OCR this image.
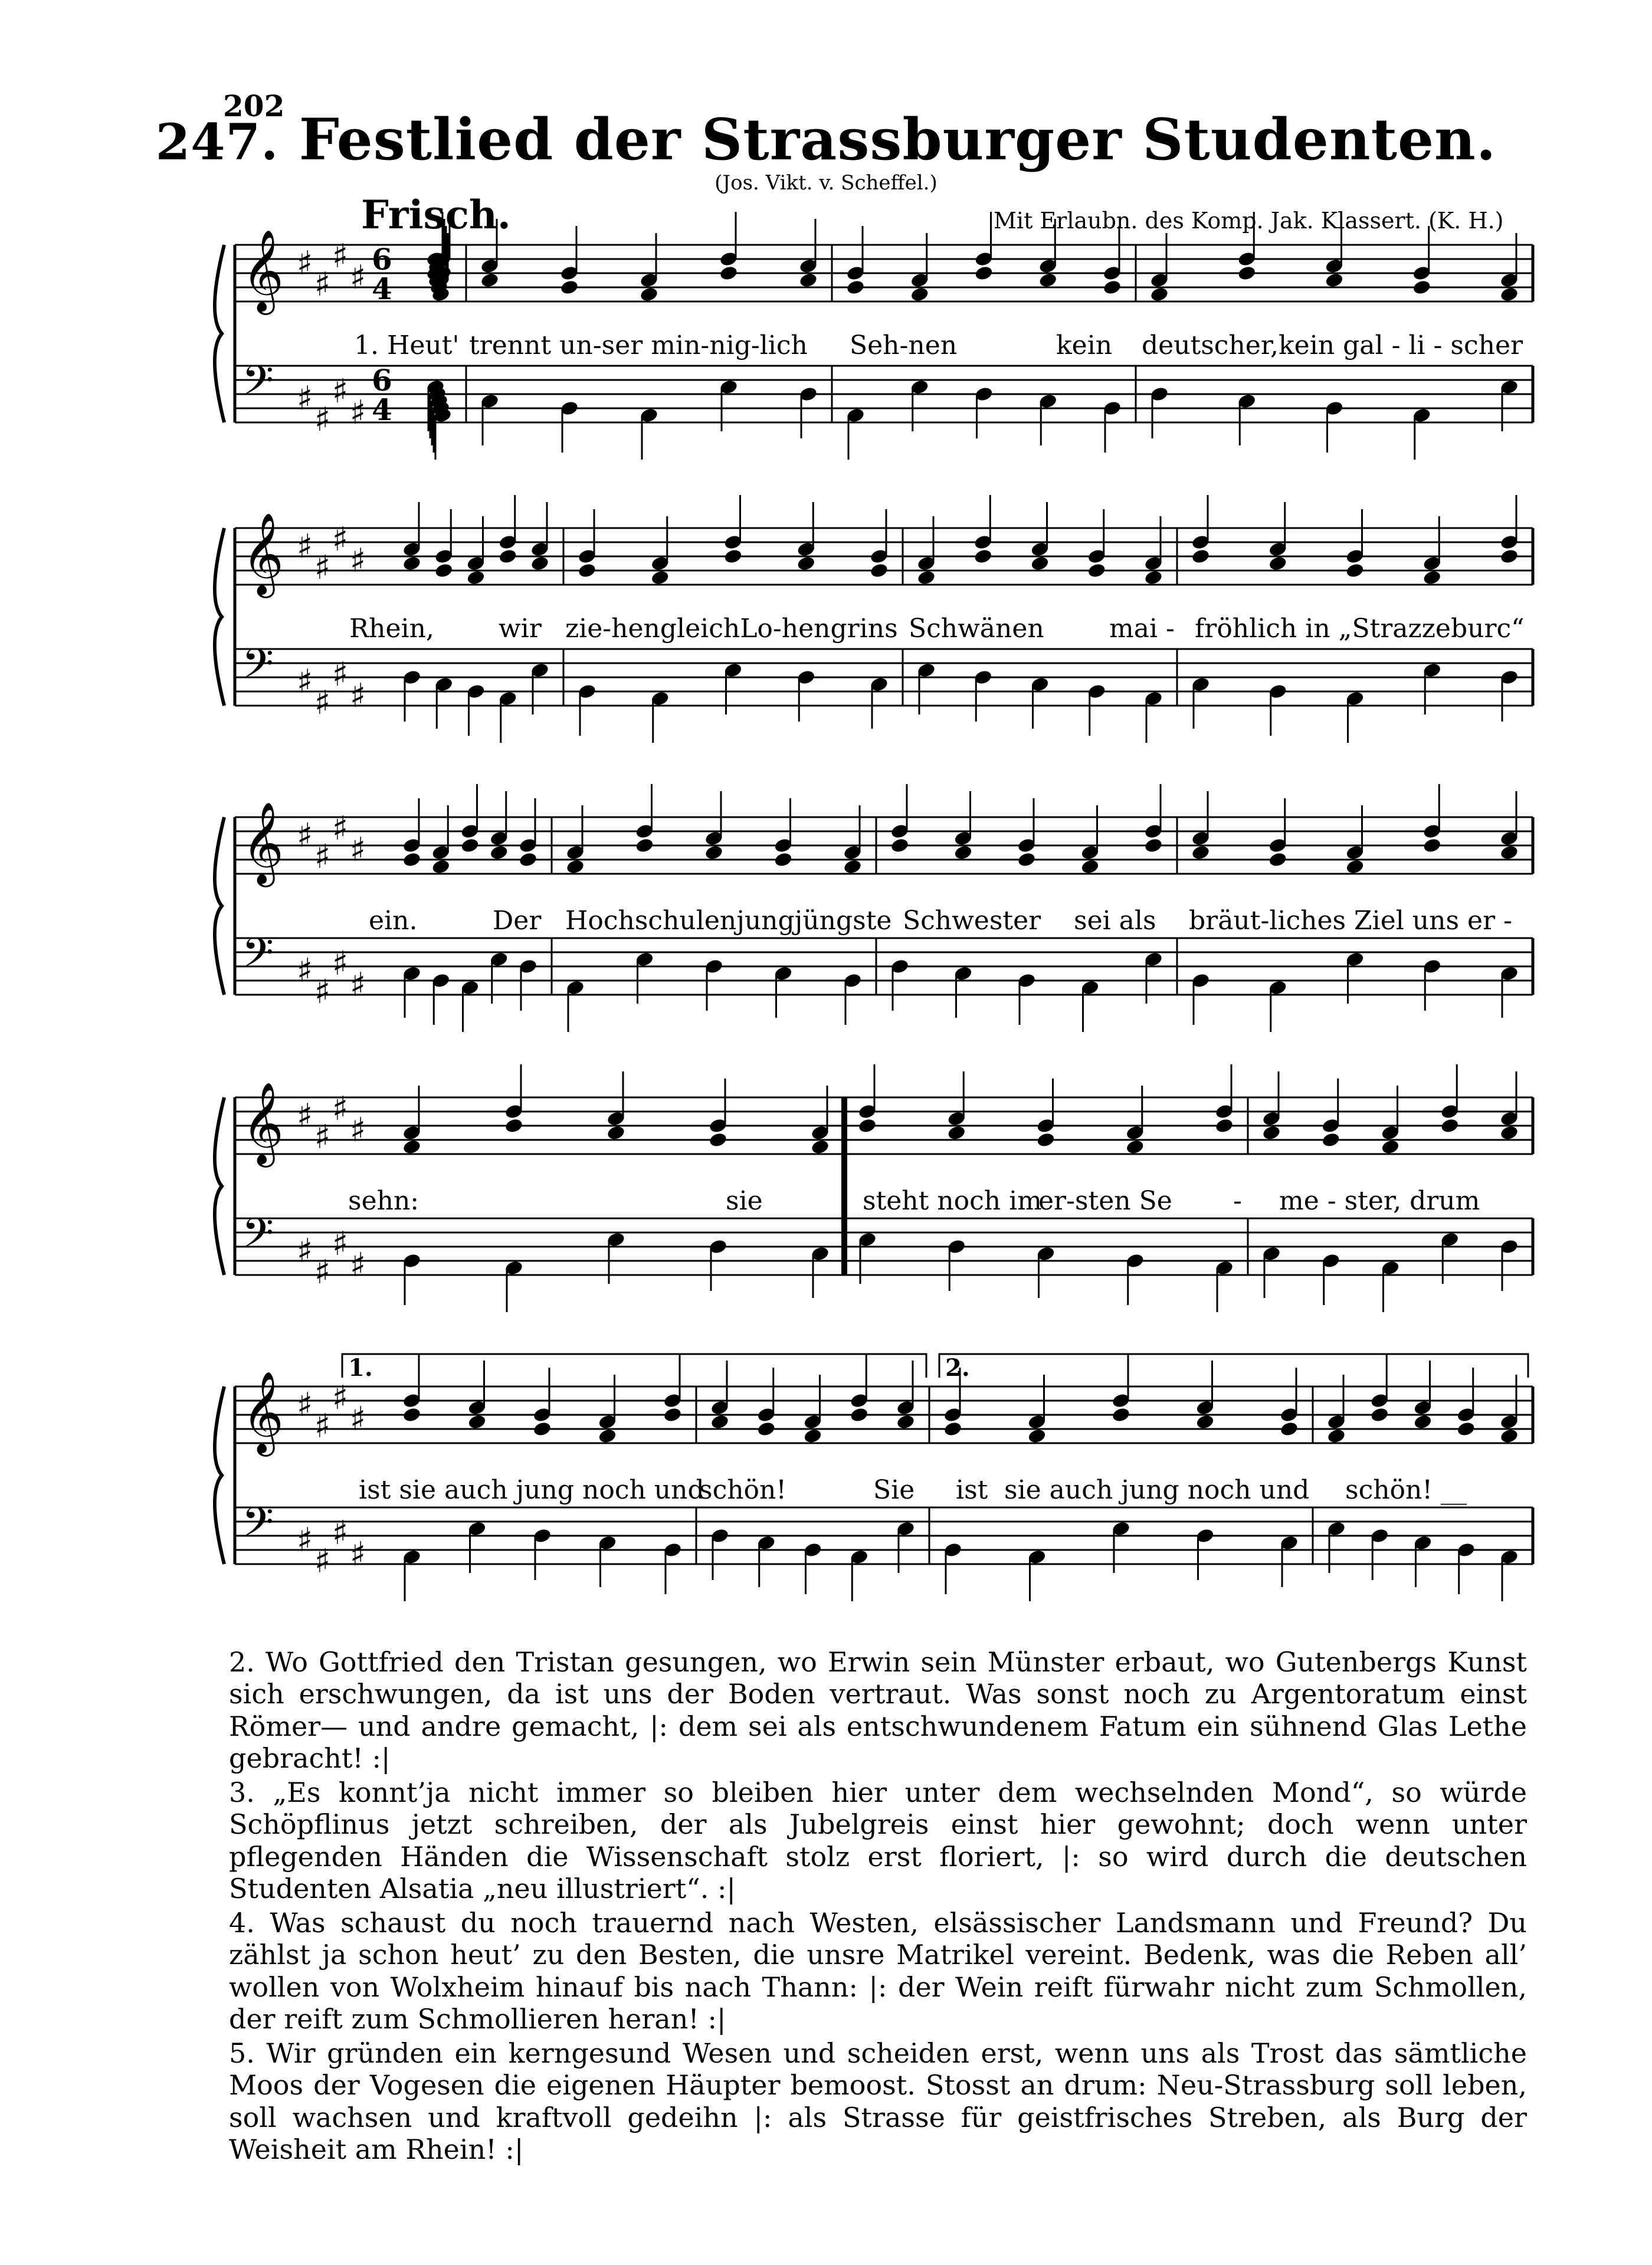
202
247. Festlied der Strassburger Studenten.
(Jos. Vikt. v. Scheffel.)
Frisch.	Mit Erlaubn. des Komp. Jak. Klassert. (K. H.)
𝄞 ♯
♯
♯
♯ 6
4
𝄢 ♯
♯
♯
♯
6
4
𝄞 ♯
♯
♯
♯
𝄢 ♯
♯
♯
♯
𝄞 ♯
♯
♯
♯
𝄢 ♯
♯
♯
♯
𝄞 ♯
♯
♯
♯
𝄢 ♯
♯
♯
♯
𝄞 ♯
♯
♯
♯
𝄢 ♯
♯
♯
♯
1.	2.
1. Heut' trennt un-ser min-nig-lich Seh-nen	kein deutscher,kein gal - li - scher
Rhein, wir zie-hengleichLo-hengrins Schwänen	mai - fröhlich in „Strazzeburc“
ein.	Der Hochschulenjungjüngste Schwester sei als bräut-liches Ziel uns er -
sehn:	sie	steht noch im
er-sten Se - me - ster, drum
ist sie auch jung noch und
schön!	Sie ist sie auch jung noch und schön! __

2. Wo Gottfried den Tristan gesungen, wo Erwin sein Münster erbaut, wo Gutenbergs Kunst sich erschwungen, da ist uns der Boden vertraut. Was sonst noch zu Argentoratum einst Römer— und andre gemacht, |: dem sei als entschwundenem Fatum ein sühnend Glas Lethe gebracht! :|

3. „Es konnt’ja nicht immer so bleiben hier unter dem wechselnden Mond“, so würde Schöpflinus jetzt schreiben, der als Jubelgreis einst hier gewohnt; doch wenn unter pflegenden Händen die Wissenschaft stolz erst floriert, |: so wird durch die deutschen Studenten Alsatia „neu illustriert“. :|

4. Was schaust du noch trauernd nach Westen, elsässischer Landsmann und Freund? Du zählst ja schon heut’ zu den Besten, die unsre Matrikel vereint. Bedenk, was die Reben all’ wollen von Wolxheim hinauf bis nach Thann: |: der Wein reift fürwahr nicht zum Schmollen, der reift zum Schmollieren heran! :|

5. Wir gründen ein kerngesund Wesen und scheiden erst, wenn uns als Trost das sämtliche Moos der Vogesen die eigenen Häupter bemoost. Stosst an drum: Neu-Strassburg soll leben, soll wachsen und kraftvoll gedeihn |: als Strasse für geistfrisches Streben, als Burg der Weisheit am Rhein! :|
